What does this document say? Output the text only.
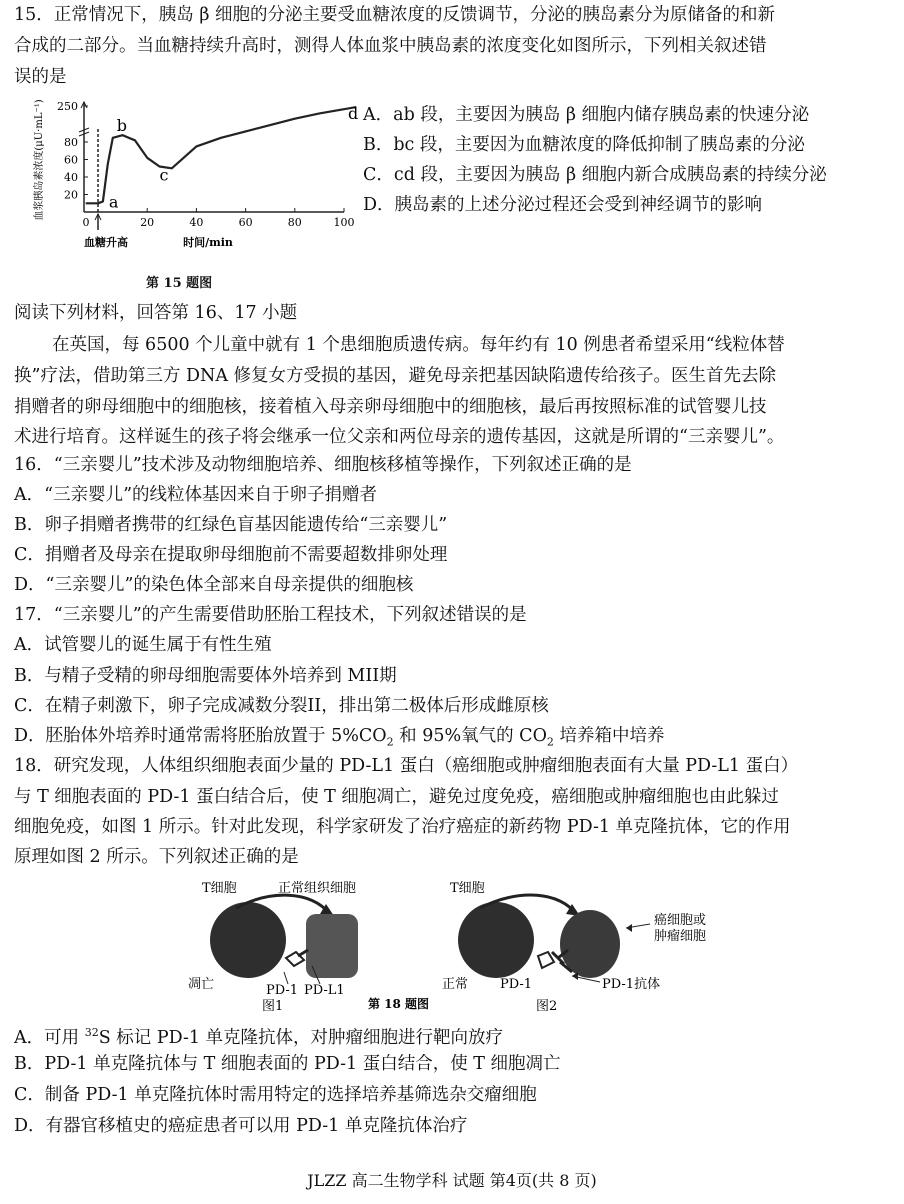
15．正常情况下，胰岛 β 细胞的分泌主要受血糖浓度的反馈调节，分泌的胰岛素分为原储备的和新
合成的二部分。当血糖持续升高时，测得人体血浆中胰岛素的浓度变化如图所示，下列相关叙述错
误的是
20
40
60
80
250
0	20	40	60	80	100
a
b
c
d
血糖升高	时间/min
血浆胰岛素浓度(μU·mL⁻¹)
第 15 题图
A．ab 段，主要因为胰岛 β 细胞内储存胰岛素的快速分泌
B．bc 段，主要因为血糖浓度的降低抑制了胰岛素的分泌
C．cd 段，主要因为胰岛 β 细胞内新合成胰岛素的持续分泌
D．胰岛素的上述分泌过程还会受到神经调节的影响
阅读下列材料，回答第 16、17 小题
在英国，每 6500 个儿童中就有 1 个患细胞质遗传病。每年约有 10 例患者希望采用“线粒体替
换”疗法，借助第三方 DNA 修复女方受损的基因，避免母亲把基因缺陷遗传给孩子。医生首先去除
捐赠者的卵母细胞中的细胞核，接着植入母亲卵母细胞中的细胞核，最后再按照标准的试管婴儿技
术进行培育。这样诞生的孩子将会继承一位父亲和两位母亲的遗传基因，这就是所谓的“三亲婴儿”。
16．“三亲婴儿”技术涉及动物细胞培养、细胞核移植等操作，下列叙述正确的是
A．“三亲婴儿”的线粒体基因来自于卵子捐赠者
B．卵子捐赠者携带的红绿色盲基因能遗传给“三亲婴儿”
C．捐赠者及母亲在提取卵母细胞前不需要超数排卵处理
D．“三亲婴儿”的染色体全部来自母亲提供的细胞核
17．“三亲婴儿”的产生需要借助胚胎工程技术，下列叙述错误的是
A．试管婴儿的诞生属于有性生殖
B．与精子受精的卵母细胞需要体外培养到 MII期
C．在精子刺激下，卵子完成减数分裂II，排出第二极体后形成雌原核
D．胚胎体外培养时通常需将胚胎放置于 $5\%CO_2$ 和 95%氧气的 $CO_2$ 培养箱中培养
18．研究发现，人体组织细胞表面少量的 PD-L1 蛋白（癌细胞或肿瘤细胞表面有大量 PD-L1 蛋白）
与 T 细胞表面的 PD-1 蛋白结合后，使 T 细胞凋亡，避免过度免疫，癌细胞或肿瘤细胞也由此躲过
细胞免疫，如图 1 所示。针对此发现，科学家研发了治疗癌症的新药物 PD-1 单克隆抗体，它的作用
原理如图 2 所示。下列叙述正确的是
T细胞	正常组织细胞
凋亡	PD-1 PD-L1
图1	第 18 题图
T细胞
癌细胞或
肿瘤细胞
正常 PD-1	PD-1抗体
图2
A．可用 $^{32}$S 标记 PD-1 单克隆抗体，对肿瘤细胞进行靶向放疗
B．PD-1 单克隆抗体与 T 细胞表面的 PD-1 蛋白结合，使 T 细胞凋亡
C．制备 PD-1 单克隆抗体时需用特定的选择培养基筛选杂交瘤细胞
D．有器官移植史的癌症患者可以用 PD-1 单克隆抗体治疗
JLZZ 高二生物学科 试题 第4页(共 8 页)
